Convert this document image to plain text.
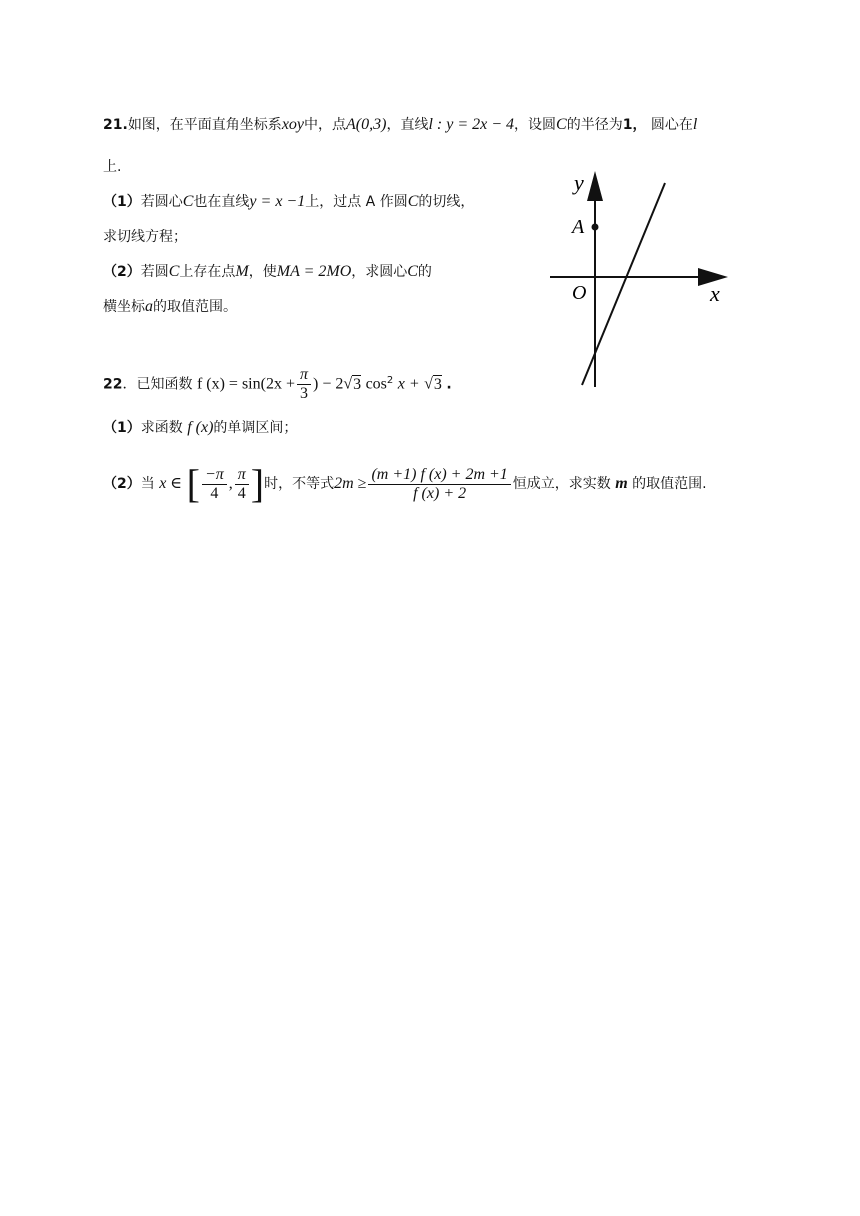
21.如图，在平面直角坐标系xoy中，点A(0,3)，直线l : y = 2x − 4，设圆C的半径为1， 圆心在l
上.
（1）若圆心C也在直线y = x −1上，过点 A 作圆C的切线，
求切线方程；
（2）若圆C上存在点M，使MA = 2MO，求圆心C的
横坐标a的取值范围。
y
x
A
O
22．已知函数 f $(x) = \sin(2x + \frac{\pi}{3}$ ) − 2√3 $\cos^2 x + √3$ .
（1）求函数 f (x)的单调区间；
（2）当 x ∈ [ $\frac{-\pi}{4}$ , $\frac{\pi}{4}$ ]时，不等式$2m \ge \frac{(m +1) f (x) + 2m +1}{f (x) + 2}$ 恒成立，求实数 m 的取值范围.
